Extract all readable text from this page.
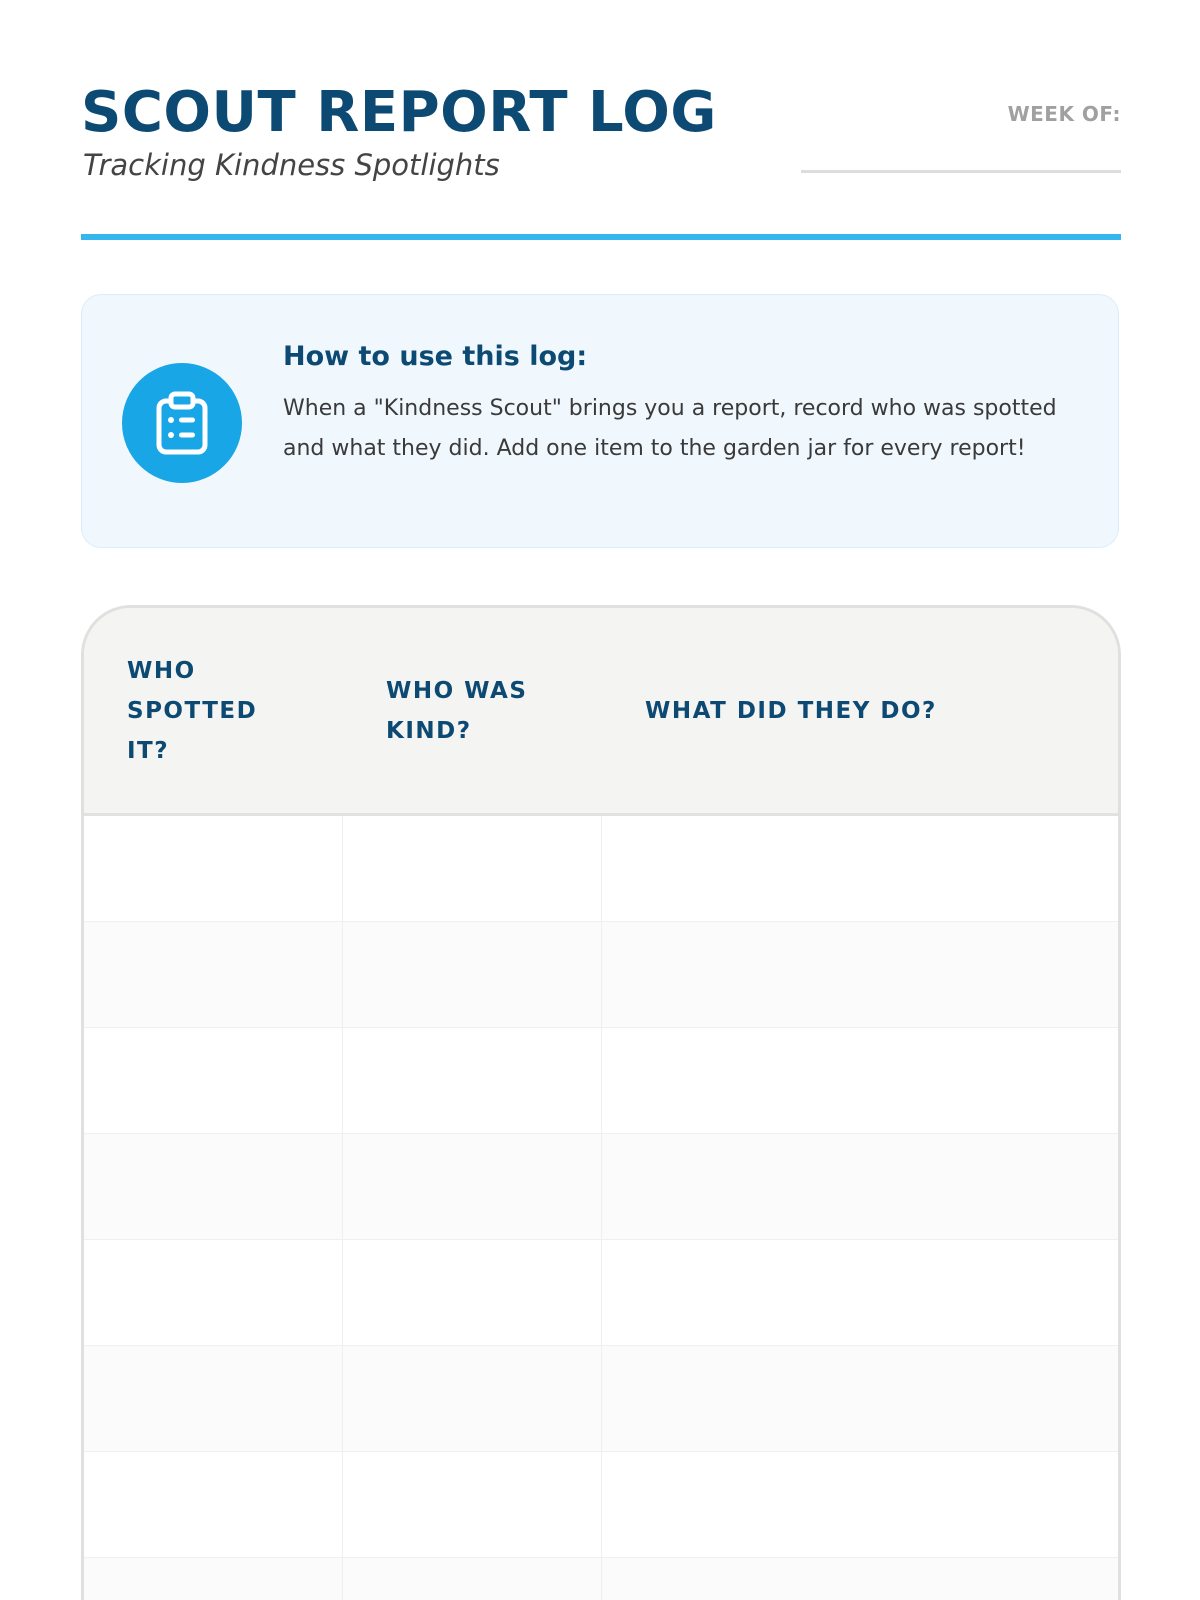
SCOUT REPORT LOG
Tracking Kindness Spotlights
WEEK OF:
How to use this log:
When a "Kindness Scout" brings you a report, record who was spotted and what they did. Add one item to the garden jar for every report!
WHO SPOTTED IT?
WHO WAS KIND?
WHAT DID THEY DO?
